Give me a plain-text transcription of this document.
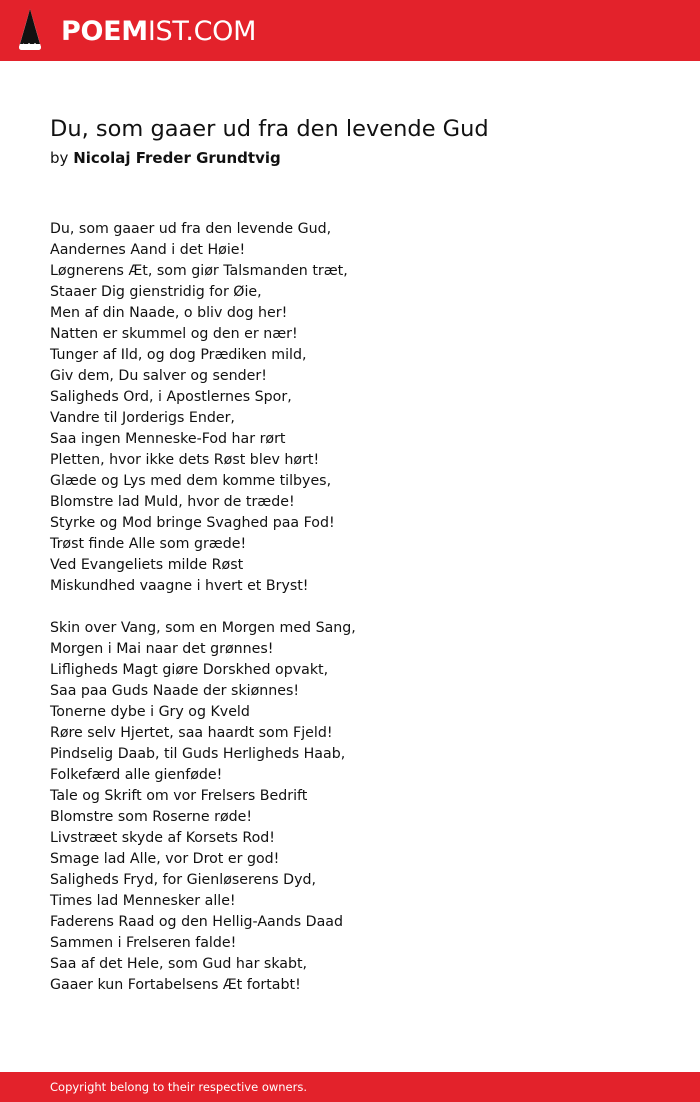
POEMIST.COM
Du, som gaaer ud fra den levende Gud
by Nicolaj Freder Grundtvig
Du, som gaaer ud fra den levende Gud,
Aandernes Aand i det Høie!
Løgnerens Æt, som giør Talsmanden træt,
Staaer Dig gienstridig for Øie,
Men af din Naade, o bliv dog her!
Natten er skummel og den er nær!
Tunger af Ild, og dog Prædiken mild,
Giv dem, Du salver og sender!
Saligheds Ord, i Apostlernes Spor,
Vandre til Jorderigs Ender,
Saa ingen Menneske-Fod har rørt
Pletten, hvor ikke dets Røst blev hørt!
Glæde og Lys med dem komme tilbyes,
Blomstre lad Muld, hvor de træde!
Styrke og Mod bringe Svaghed paa Fod!
Trøst finde Alle som græde!
Ved Evangeliets milde Røst
Miskundhed vaagne i hvert et Bryst!
Skin over Vang, som en Morgen med Sang,
Morgen i Mai naar det grønnes!
Lifligheds Magt giøre Dorskhed opvakt,
Saa paa Guds Naade der skiønnes!
Tonerne dybe i Gry og Kveld
Røre selv Hjertet, saa haardt som Fjeld!
Pindselig Daab, til Guds Herligheds Haab,
Folkefærd alle gienføde!
Tale og Skrift om vor Frelsers Bedrift
Blomstre som Roserne røde!
Livstræet skyde af Korsets Rod!
Smage lad Alle, vor Drot er god!
Saligheds Fryd, for Gienløserens Dyd,
Times lad Mennesker alle!
Faderens Raad og den Hellig-Aands Daad
Sammen i Frelseren falde!
Saa af det Hele, som Gud har skabt,
Gaaer kun Fortabelsens Æt fortabt!
Copyright belong to their respective owners.
